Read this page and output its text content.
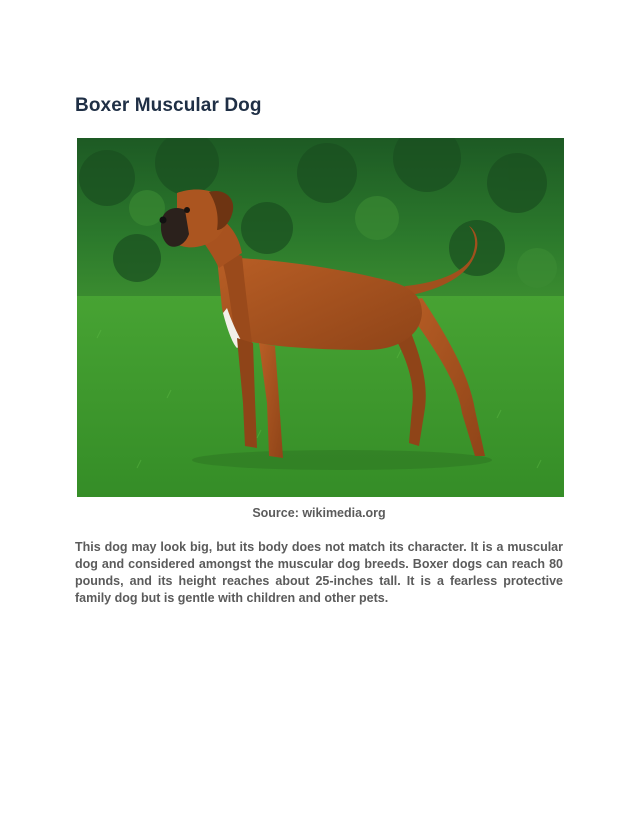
Boxer Muscular Dog
Source: wikimedia.org

This dog may look big, but its body does not match its character. It is a muscular dog and considered amongst the muscular dog breeds. Boxer dogs can reach 80 pounds, and its height reaches about 25-inches tall. It is a fearless protective family dog but is gentle with children and other pets.
